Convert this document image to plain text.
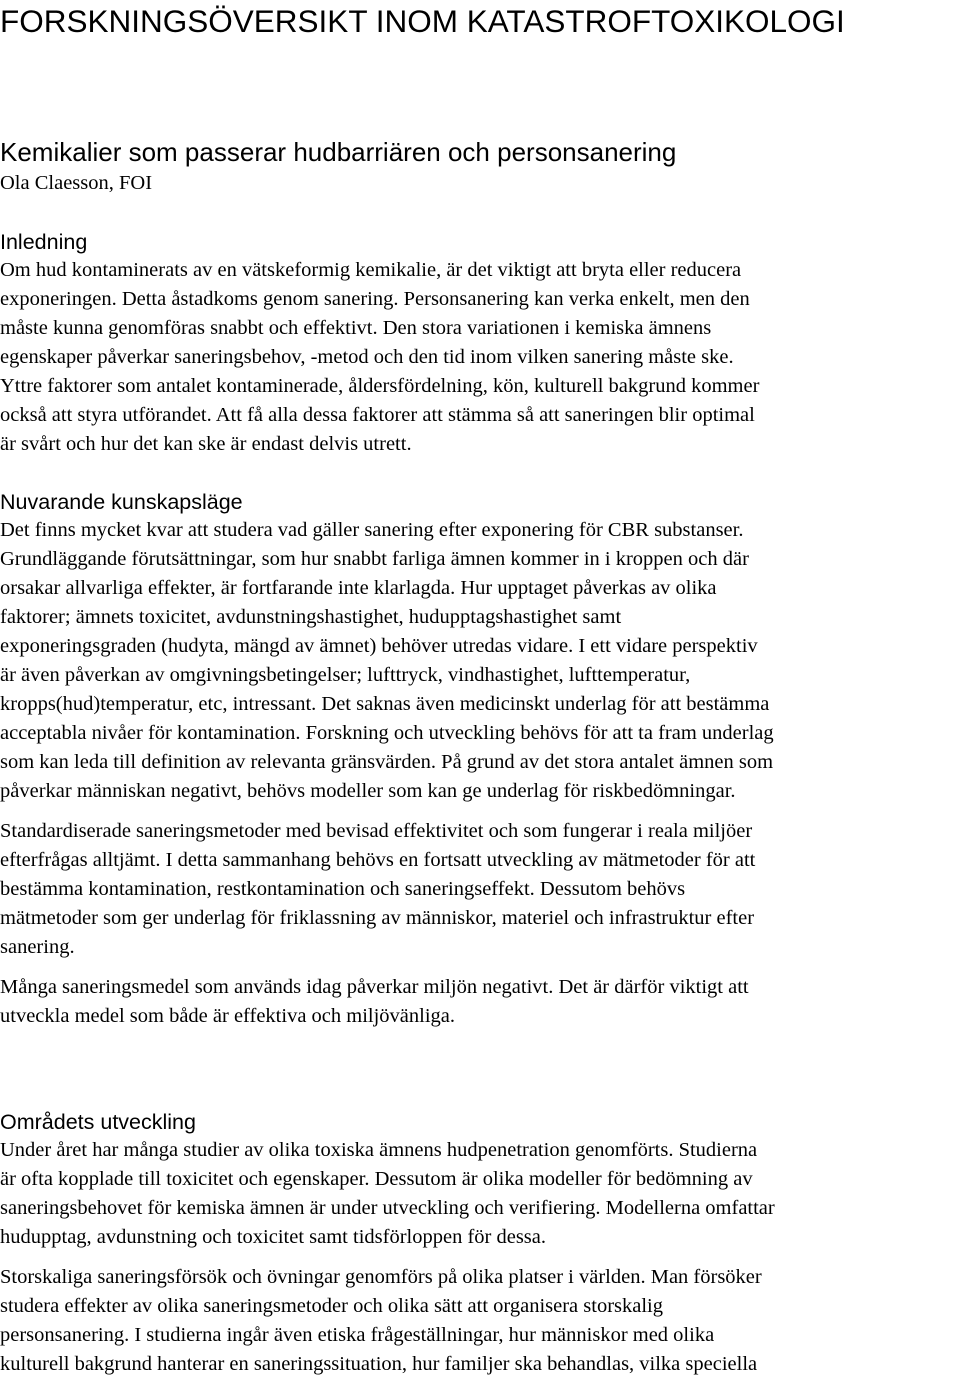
FORSKNINGSÖVERSIKT INOM KATASTROFTOXIKOLOGI
Kemikalier som passerar hudbarriären och personsanering

Ola Claesson, FOI

Inledning

Om hud kontaminerats av en vätskeformig kemikalie, är det viktigt att bryta eller reducera
exponeringen. Detta åstadkoms genom sanering. Personsanering kan verka enkelt, men den
måste kunna genomföras snabbt och effektivt. Den stora variationen i kemiska ämnens
egenskaper påverkar saneringsbehov, -metod och den tid inom vilken sanering måste ske.
Yttre faktorer som antalet kontaminerade, åldersfördelning, kön, kulturell bakgrund kommer
också att styra utförandet. Att få alla dessa faktorer att stämma så att saneringen blir optimal
är svårt och hur det kan ske är endast delvis utrett.

Nuvarande kunskapsläge

Det finns mycket kvar att studera vad gäller sanering efter exponering för CBR substanser.
Grundläggande förutsättningar, som hur snabbt farliga ämnen kommer in i kroppen och där
orsakar allvarliga effekter, är fortfarande inte klarlagda. Hur upptaget påverkas av olika
faktorer; ämnets toxicitet, avdunstningshastighet, hudupptagshastighet samt
exponeringsgraden (hudyta, mängd av ämnet) behöver utredas vidare. I ett vidare perspektiv
är även påverkan av omgivningsbetingelser; lufttryck, vindhastighet, lufttemperatur,
kropps(hud)temperatur, etc, intressant. Det saknas även medicinskt underlag för att bestämma
acceptabla nivåer för kontamination. Forskning och utveckling behövs för att ta fram underlag
som kan leda till definition av relevanta gränsvärden. På grund av det stora antalet ämnen som
påverkar människan negativt, behövs modeller som kan ge underlag för riskbedömningar.

Standardiserade saneringsmetoder med bevisad effektivitet och som fungerar i reala miljöer
efterfrågas alltjämt. I detta sammanhang behövs en fortsatt utveckling av mätmetoder för att
bestämma kontamination, restkontamination och saneringseffekt. Dessutom behövs
mätmetoder som ger underlag för friklassning av människor, materiel och infrastruktur efter
sanering.

Många saneringsmedel som används idag påverkar miljön negativt. Det är därför viktigt att
utveckla medel som både är effektiva och miljövänliga.

Områdets utveckling

Under året har många studier av olika toxiska ämnens hudpenetration genomförts. Studierna
är ofta kopplade till toxicitet och egenskaper. Dessutom är olika modeller för bedömning av
saneringsbehovet för kemiska ämnen är under utveckling och verifiering. Modellerna omfattar
hudupptag, avdunstning och toxicitet samt tidsförloppen för dessa.

Storskaliga saneringsförsök och övningar genomförs på olika platser i världen. Man försöker
studera effekter av olika saneringsmetoder och olika sätt att organisera storskalig
personsanering. I studierna ingår även etiska frågeställningar, hur människor med olika
kulturell bakgrund hanterar en saneringssituation, hur familjer ska behandlas, vilka speciella
